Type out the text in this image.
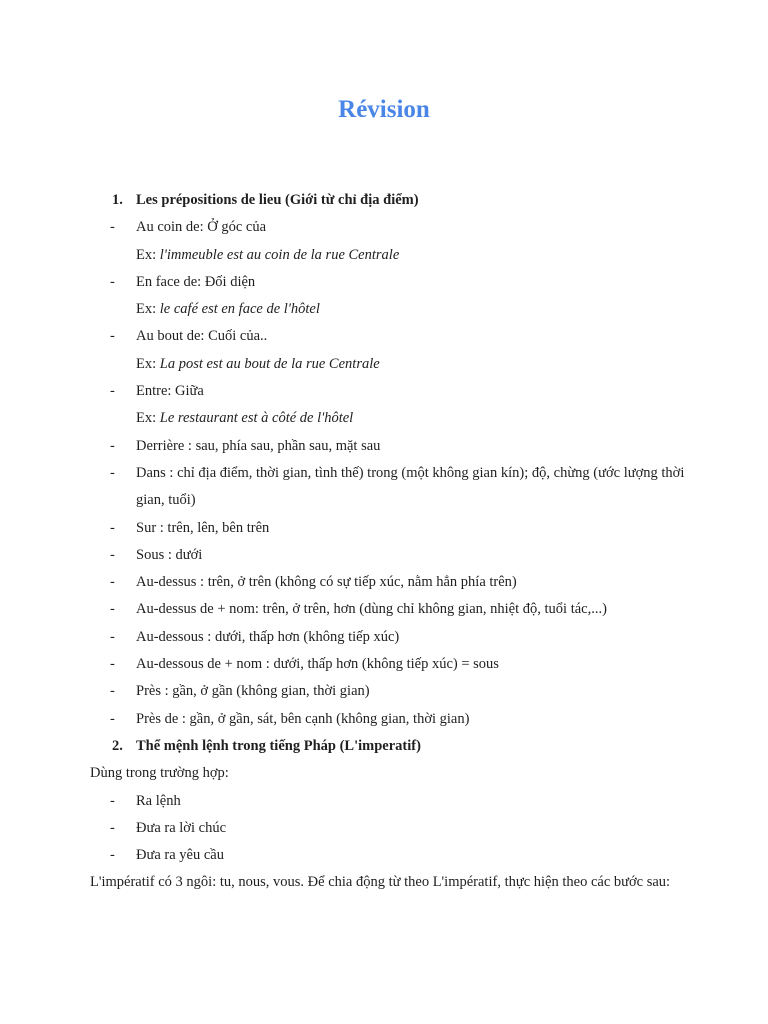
Révision
1. Les prépositions de lieu (Giới từ chỉ địa điểm)
-	Au coin de: Ở góc của
Ex: l'immeuble est au coin de la rue Centrale
-	En face de: Đối diện
Ex: le café est en face de l'hôtel
-	Au bout de: Cuối của..
Ex: La post est au bout de la rue Centrale
-	Entre: Giữa
Ex: Le restaurant est à côté de l'hôtel
-	Derrière : sau, phía sau, phần sau, mặt sau
-	Dans : chỉ địa điểm, thời gian, tình thế) trong (một không gian kín); độ, chừng (ước lượng thời gian, tuổi)
-	Sur : trên, lên, bên trên
-	Sous : dưới
-	Au-dessus : trên, ở trên (không có sự tiếp xúc, nằm hẳn phía trên)
-	Au-dessus de + nom: trên, ở trên, hơn (dùng chỉ không gian, nhiệt độ, tuổi tác,...)
-	Au-dessous : dưới, thấp hơn (không tiếp xúc)
-	Au-dessous de + nom : dưới, thấp hơn (không tiếp xúc) = sous
-	Près : gần, ở gần (không gian, thời gian)
-	Près de : gần, ở gần, sát, bên cạnh (không gian, thời gian)
2. Thể mệnh lệnh trong tiếng Pháp (L'imperatif)
Dùng trong trường hợp:
-	Ra lệnh
-	Đưa ra lời chúc
-	Đưa ra yêu cầu
L'impératif có 3 ngôi: tu, nous, vous. Để chia động từ theo L'impératif, thực hiện theo các bước sau:
